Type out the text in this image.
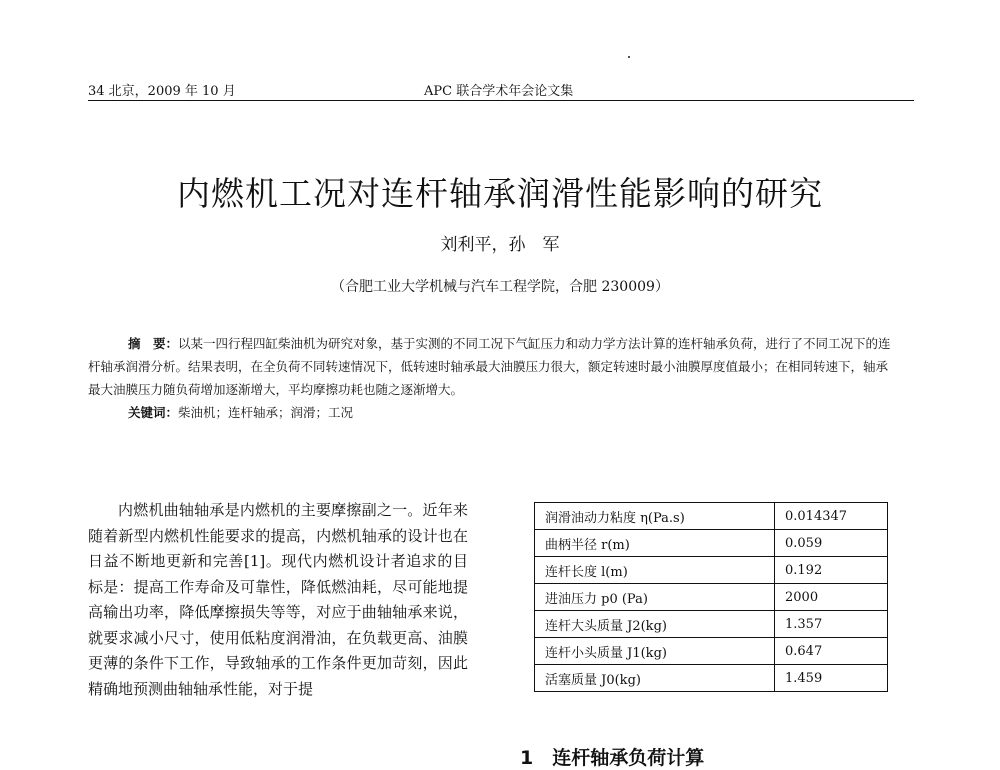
34 北京，2009 年 10 月	APC 联合学术年会论文集
内燃机工况对连杆轴承润滑性能影响的研究
刘利平，孙　军
（合肥工业大学机械与汽车工程学院，合肥 230009）

摘　要：以某一四行程四缸柴油机为研究对象，基于实测的不同工况下气缸压力和动力学方法计算的连杆轴承负荷，进行了不同工况下的连杆轴承润滑分析。结果表明，在全负荷不同转速情况下，低转速时轴承最大油膜压力很大，额定转速时最小油膜厚度值最小；在相同转速下，轴承最大油膜压力随负荷增加逐渐增大，平均摩擦功耗也随之逐渐增大。

关键词：柴油机；连杆轴承；润滑；工况

内燃机曲轴轴承是内燃机的主要摩擦副之一。近年来随着新型内燃机性能要求的提高，内燃机轴承的设计也在日益不断地更新和完善[1]。现代内燃机设计者追求的目标是：提高工作寿命及可靠性，降低燃油耗，尽可能地提高输出功率，降低摩擦损失等等，对应于曲轴轴承来说，就要求减小尺寸，使用低粘度润滑油，在负载更高、油膜更薄的条件下工作，导致轴承的工作条件更加苛刻，因此精确地预测曲轴轴承性能，对于提

润滑油动力粘度 η(Pa.s)	0.014347
曲柄半径 r(m)	0.059
连杆长度 l(m)	0.192
进油压力 p0 (Pa)	2000
连杆大头质量 J2(kg)	1.357
连杆小头质量 J1(kg)	0.647
活塞质量 J0(kg)	1.459
1　连杆轴承负荷计算
